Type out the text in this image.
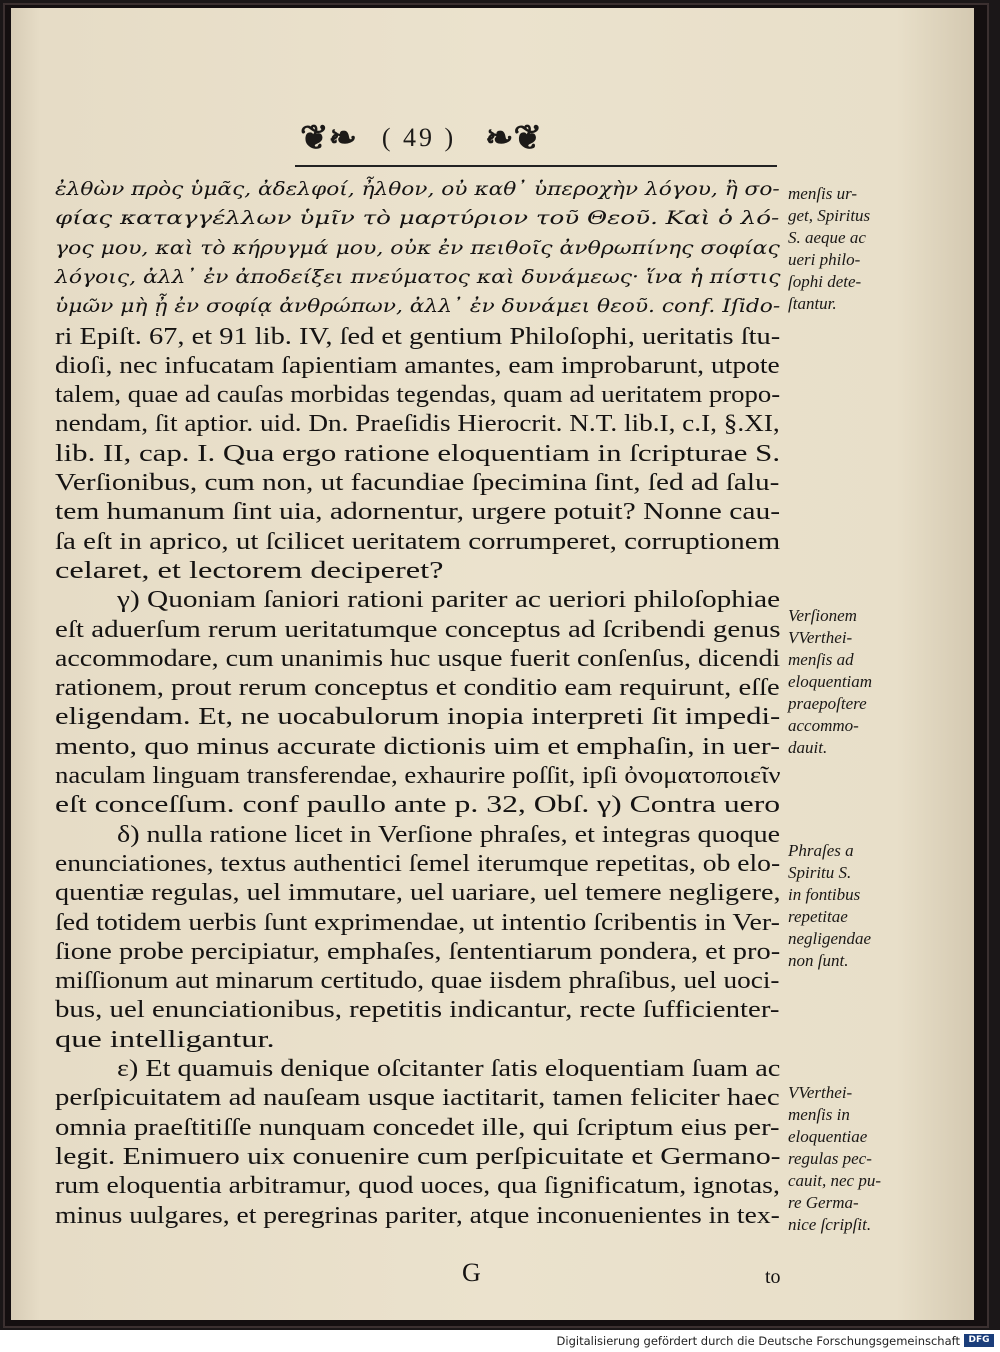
❦❧ ( 49 ) ❧❦
ἐλθὼν πρὸς ὑμᾶς, ἀδελφοί, ἦλθον, οὐ καθ᾽ ὑπεροχὴν λόγου, ἢ σο-
φίας καταγγέλλων ὑμῖν τὸ μαρτύριον τοῦ Θεοῦ. Καὶ ὁ λό-
γος μου, καὶ τὸ κήρυγμά μου, οὐκ ἐν πειθοῖς ἀνθρωπίνης σοφίας
λόγοις, ἀλλ᾽ ἐν ἀποδείξει πνεύματος καὶ δυνάμεως· ἵνα ἡ πίστις
ὑμῶν μὴ ᾖ ἐν σοφίᾳ ἀνθρώπων, ἀλλ᾽ ἐν δυνάμει θεοῦ. conf. Iſido-
ri Epiſt. 67, et 91 lib. IV, ſed et gentium Philoſophi, ueritatis ſtu-
dioſi, nec infucatam ſapientiam amantes, eam improbarunt, utpote
talem, quae ad cauſas morbidas tegendas, quam ad ueritatem propo-
nendam, ſit aptior. uid. Dn. Praeſidis Hierocrit. N.T. lib.I, c.I, §.XI,
lib. II, cap. I. Qua ergo ratione eloquentiam in ſcripturae S.
Verſionibus, cum non, ut facundiae ſpecimina ſint, ſed ad ſalu-
tem humanum ſint uia, adornentur, urgere potuit? Nonne cau-
ſa eſt in aprico, ut ſcilicet ueritatem corrumperet, corruptionem
celaret, et lectorem deciperet?
γ) Quoniam ſaniori rationi pariter ac ueriori philoſophiae
eſt aduerſum rerum ueritatumque conceptus ad ſcribendi genus
accommodare, cum unanimis huc usque fuerit conſenſus, dicendi
rationem, prout rerum conceptus et conditio eam requirunt, eſſe
eligendam. Et, ne uocabulorum inopia interpreti ſit impedi-
mento, quo minus accurate dictionis uim et emphaſin, in uer-
naculam linguam transferendae, exhaurire poſſit, ipſi ὀνοματοποιεῖν
eſt conceſſum. conf paullo ante p. 32, Obſ. γ) Contra uero
δ) nulla ratione licet in Verſione phraſes, et integras quoque
enunciationes, textus authentici ſemel iterumque repetitas, ob elo-
quentiæ regulas, uel immutare, uel uariare, uel temere negligere,
ſed totidem uerbis ſunt exprimendae, ut intentio ſcribentis in Ver-
ſione probe percipiatur, emphaſes, ſententiarum pondera, et pro-
miſſionum aut minarum certitudo, quae iisdem phraſibus, uel uoci-
bus, uel enunciationibus, repetitis indicantur, recte ſufficienter-
que intelligantur.
ε) Et quamuis denique oſcitanter ſatis eloquentiam ſuam ac
perſpicuitatem ad nauſeam usque iactitarit, tamen feliciter haec
omnia praeſtitiſſe nunquam concedet ille, qui ſcriptum eius per-
legit. Enimuero uix conuenire cum perſpicuitate et Germano-
rum eloquentia arbitramur, quod uoces, qua ſignificatum, ignotas,
minus uulgares, et peregrinas pariter, atque inconuenientes in tex-
menſis ur-
get, Spiritus
S. aeque ac
ueri philo-
ſophi dete-
ſtantur.
Verſionem
VVerthei-
menſis ad
eloquentiam
praepoſtere
accommo-
dauit.
Phraſes a
Spiritu S.
in fontibus
repetitae
negligendae
non ſunt.
VVerthei-
menſis in
eloquentiae
regulas pec-
cauit, nec pu-
re Germa-
nice ſcripſit.
G	to
Digitalisierung gefördert durch die Deutsche Forschungsgemeinschaft DFG
